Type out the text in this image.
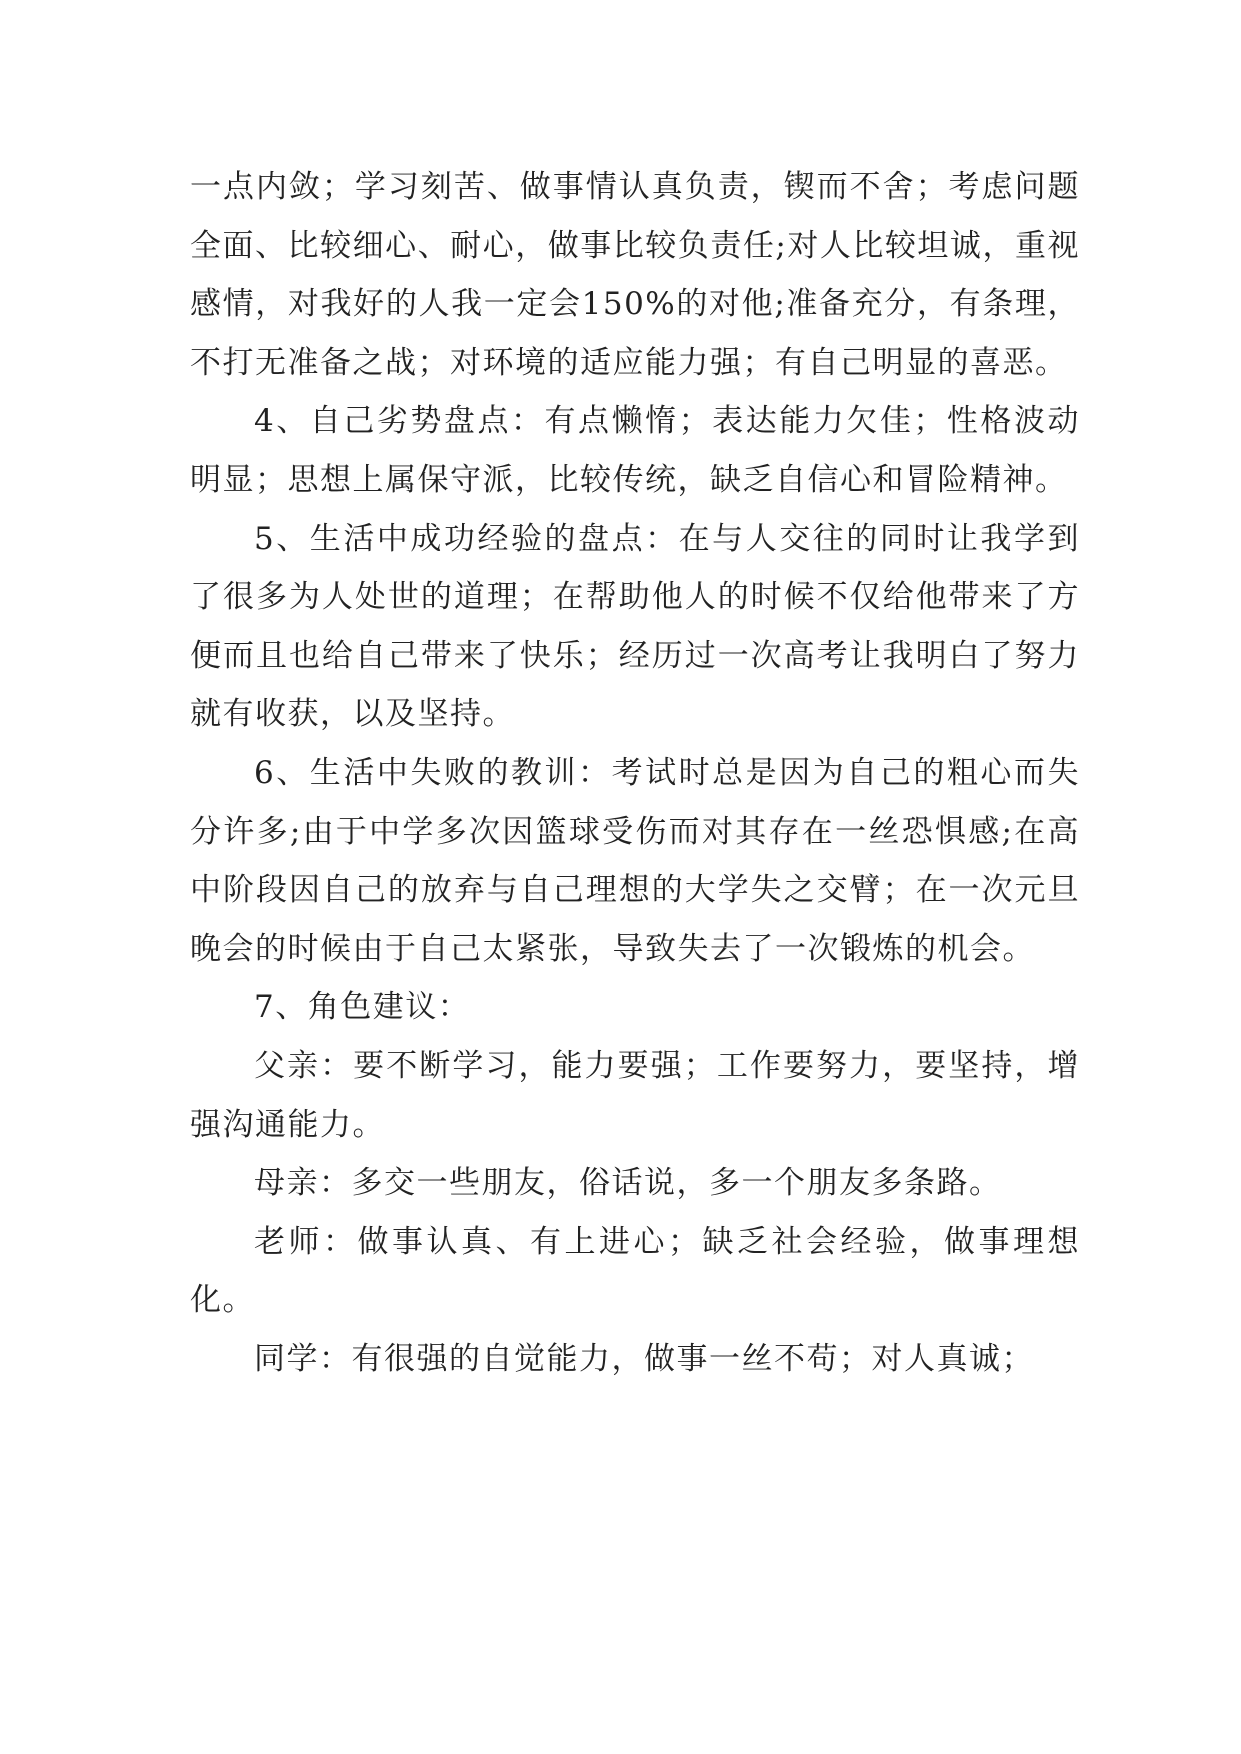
一点内敛；学习刻苦、做事情认真负责，锲而不舍；考虑问题全面、比较细心、耐心，做事比较负责任;对人比较坦诚，重视感情，对我好的人我一定会150%的对他;准备充分，有条理，不打无准备之战；对环境的适应能力强；有自己明显的喜恶。

4、自己劣势盘点：有点懒惰；表达能力欠佳；性格波动明显；思想上属保守派，比较传统，缺乏自信心和冒险精神。

5、生活中成功经验的盘点：在与人交往的同时让我学到了很多为人处世的道理；在帮助他人的时候不仅给他带来了方便而且也给自己带来了快乐；经历过一次高考让我明白了努力就有收获，以及坚持。

6、生活中失败的教训：考试时总是因为自己的粗心而失分许多;由于中学多次因篮球受伤而对其存在一丝恐惧感;在高中阶段因自己的放弃与自己理想的大学失之交臂；在一次元旦晚会的时候由于自己太紧张，导致失去了一次锻炼的机会。

7、角色建议：

父亲：要不断学习，能力要强；工作要努力，要坚持，增强沟通能力。

母亲：多交一些朋友，俗话说，多一个朋友多条路。

老师：做事认真、有上进心；缺乏社会经验，做事理想化。

同学：有很强的自觉能力，做事一丝不苟；对人真诚；
